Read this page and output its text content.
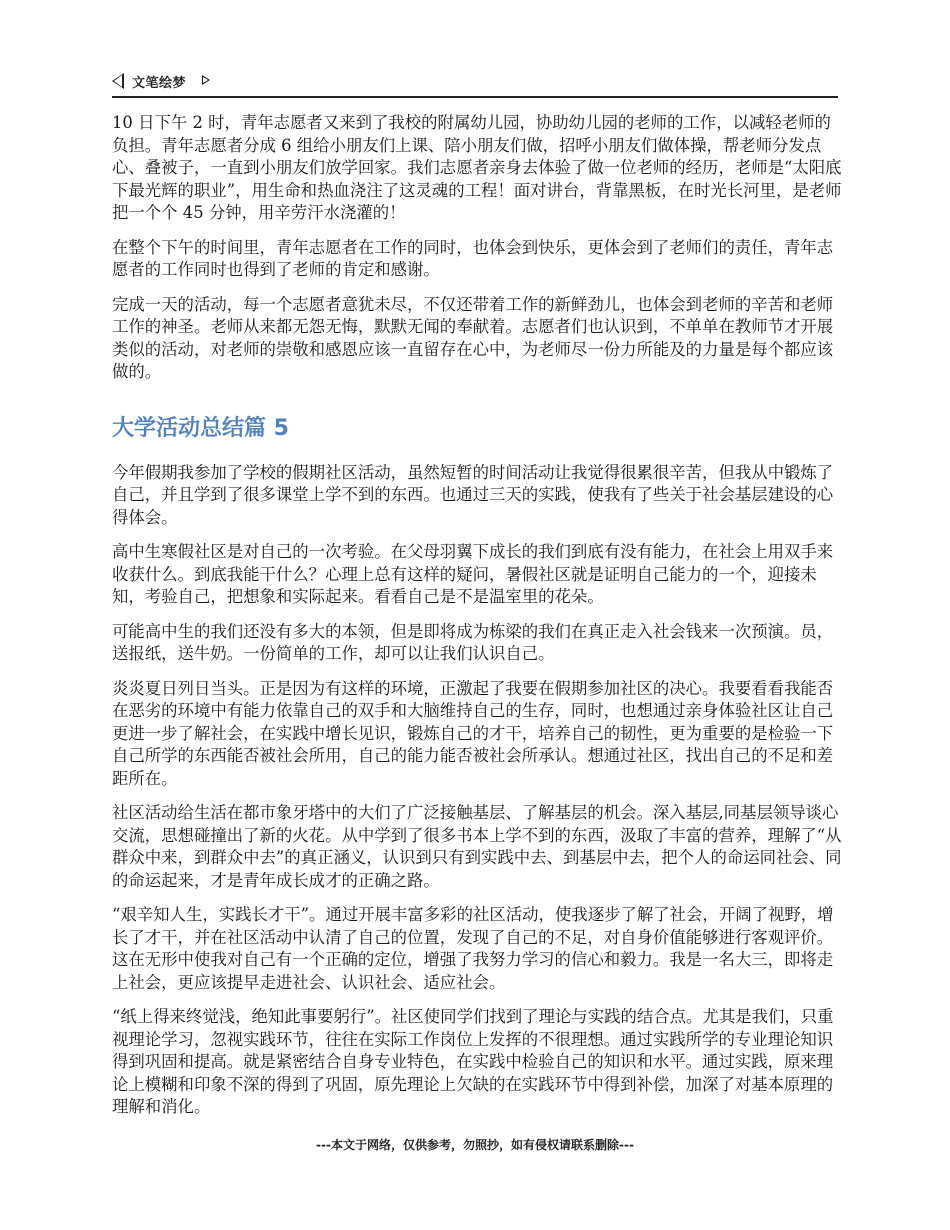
文笔绘梦

10 日下午 2 时，青年志愿者又来到了我校的附属幼儿园，协助幼儿园的老师的工作，以减轻老师的负担。青年志愿者分成 6 组给小朋友们上课、陪小朋友们做，招呼小朋友们做体操，帮老师分发点心、叠被子，一直到小朋友们放学回家。我们志愿者亲身去体验了做一位老师的经历，老师是“太阳底下最光辉的职业”，用生命和热血浇注了这灵魂的工程！面对讲台，背靠黑板，在时光长河里，是老师把一个个 45 分钟，用辛劳汗水浇灌的！

在整个下午的时间里，青年志愿者在工作的同时，也体会到快乐，更体会到了老师们的责任，青年志愿者的工作同时也得到了老师的肯定和感谢。

完成一天的活动，每一个志愿者意犹未尽，不仅还带着工作的新鲜劲儿，也体会到老师的辛苦和老师工作的神圣。老师从来都无怨无悔，默默无闻的奉献着。志愿者们也认识到，不单单在教师节才开展类似的活动，对老师的崇敬和感恩应该一直留存在心中，为老师尽一份力所能及的力量是每个都应该做的。

大学活动总结篇 5

今年假期我参加了学校的假期社区活动，虽然短暂的时间活动让我觉得很累很辛苦，但我从中锻炼了自己，并且学到了很多课堂上学不到的东西。也通过三天的实践，使我有了些关于社会基层建设的心得体会。

高中生寒假社区是对自己的一次考验。在父母羽翼下成长的我们到底有没有能力，在社会上用双手来收获什么。到底我能干什么？心理上总有这样的疑问，暑假社区就是证明自己能力的一个，迎接未知，考验自己，把想象和实际起来。看看自己是不是温室里的花朵。

可能高中生的我们还没有多大的本领，但是即将成为栋梁的我们在真正走入社会钱来一次预演。员，送报纸，送牛奶。一份简单的工作，却可以让我们认识自己。

炎炎夏日列日当头。正是因为有这样的环境，正激起了我要在假期参加社区的决心。我要看看我能否在恶劣的环境中有能力依靠自己的双手和大脑维持自己的生存，同时，也想通过亲身体验社区让自己更进一步了解社会，在实践中增长见识，锻炼自己的才干，培养自己的韧性，更为重要的是检验一下自己所学的东西能否被社会所用，自己的能力能否被社会所承认。想通过社区，找出自己的不足和差距所在。

社区活动给生活在都市象牙塔中的大们了广泛接触基层、了解基层的机会。深入基层,同基层领导谈心交流，思想碰撞出了新的火花。从中学到了很多书本上学不到的东西，汲取了丰富的营养，理解了“从群众中来，到群众中去”的真正涵义，认识到只有到实践中去、到基层中去，把个人的命运同社会、同的命运起来，才是青年成长成才的正确之路。

“艰辛知人生，实践长才干”。通过开展丰富多彩的社区活动，使我逐步了解了社会，开阔了视野，增长了才干，并在社区活动中认清了自己的位置，发现了自己的不足，对自身价值能够进行客观评价。这在无形中使我对自己有一个正确的定位，增强了我努力学习的信心和毅力。我是一名大三，即将走上社会，更应该提早走进社会、认识社会、适应社会。

“纸上得来终觉浅，绝知此事要躬行”。社区使同学们找到了理论与实践的结合点。尤其是我们，只重视理论学习，忽视实践环节，往往在实际工作岗位上发挥的不很理想。通过实践所学的专业理论知识得到巩固和提高。就是紧密结合自身专业特色，在实践中检验自己的知识和水平。通过实践，原来理论上模糊和印象不深的得到了巩固，原先理论上欠缺的在实践环节中得到补偿，加深了对基本原理的理解和消化。

---本文于网络，仅供参考，勿照抄，如有侵权请联系删除---
